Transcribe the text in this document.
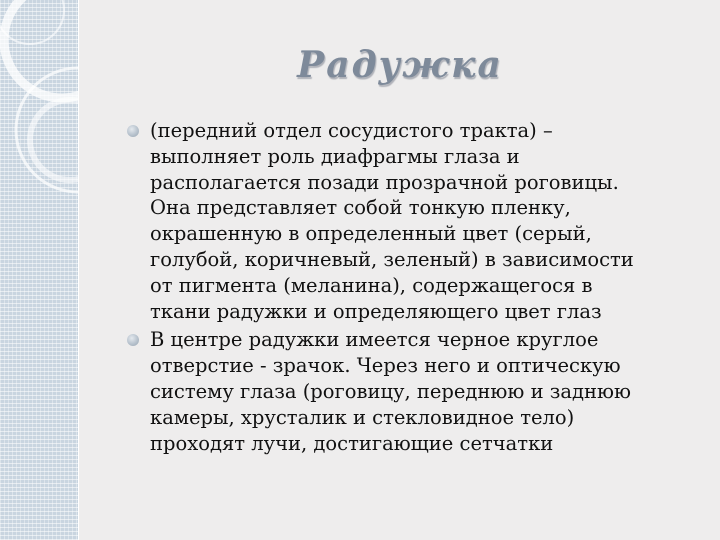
Радужка
(передний отдел сосудистого тракта) –
выполняет роль диафрагмы глаза и
располагается позади прозрачной роговицы.
Она представляет собой тонкую пленку,
окрашенную в определенный цвет (серый,
голубой, коричневый, зеленый) в зависимости
от пигмента (меланина), содержащегося в
ткани радужки и определяющего цвет глаз
В центре радужки имеется черное круглое
отверстие - зрачок. Через него и оптическую
систему глаза (роговицу, переднюю и заднюю
камеры, хрусталик и стекловидное тело)
проходят лучи, достигающие сетчатки
